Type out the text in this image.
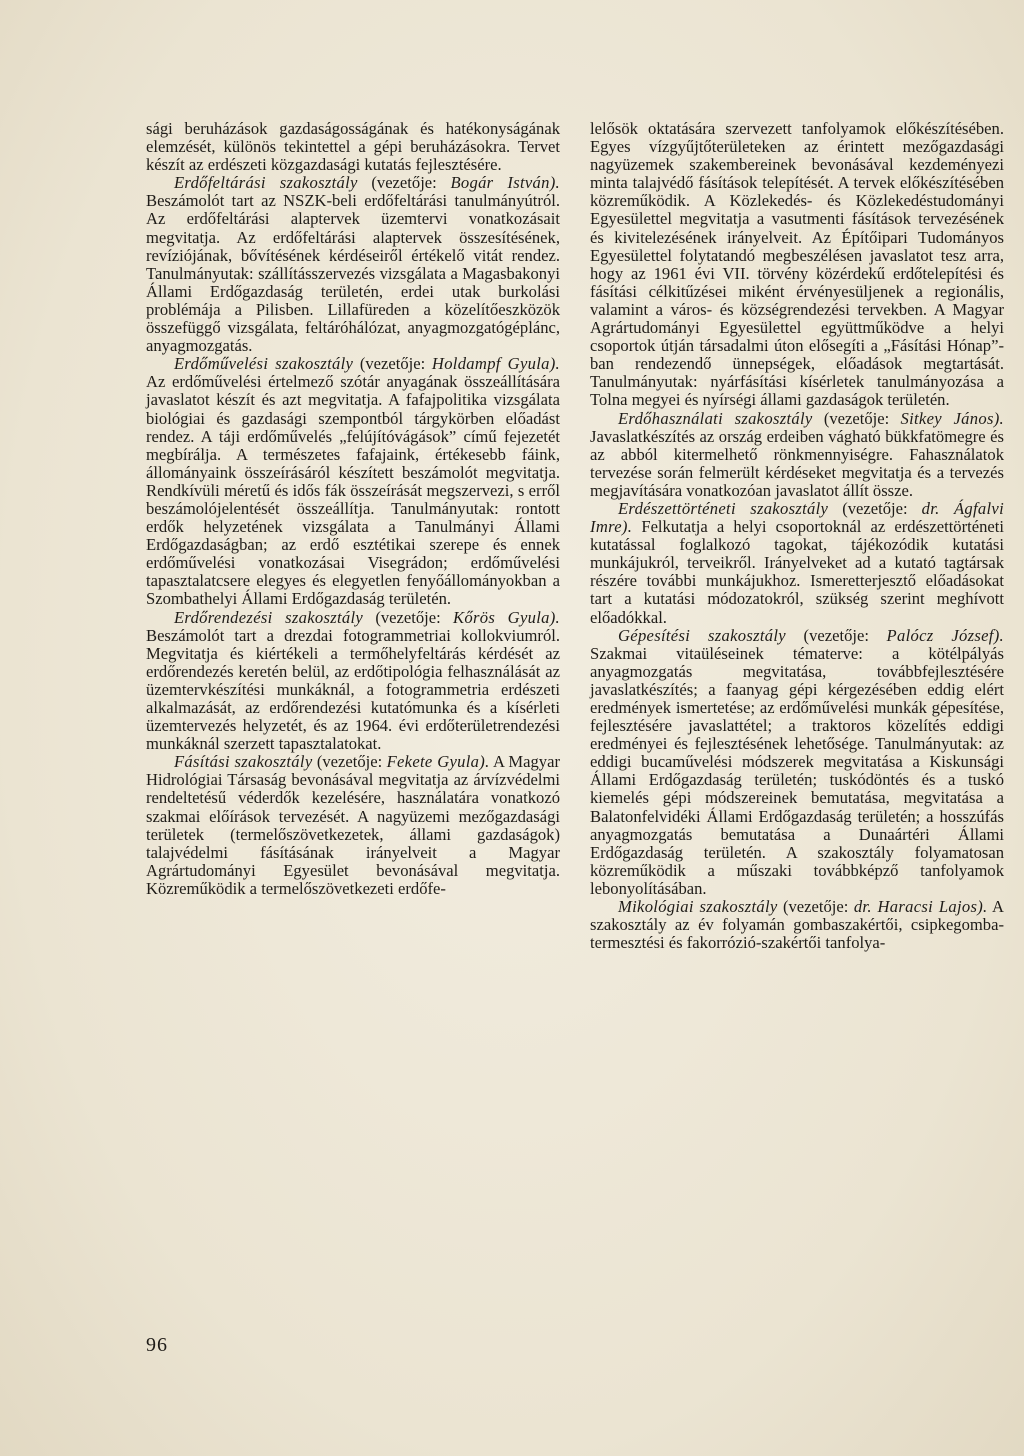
sági beruházások gazdaságosságának és hatékonyságának elemzését, különös tekintettel a gépi beruházásokra. Tervet készít az erdészeti közgazdasági kutatás fejlesztésére.

Erdőfeltárási szakosztály (vezetője: Bogár István). Beszámolót tart az NSZK-beli erdőfeltárási tanulmányútról. Az erdőfeltárási alaptervek üzemtervi vonatkozásait megvitatja. Az erdőfeltárási alaptervek összesítésének, revíziójának, bővítésének kérdéseiről értékelő vitát rendez. Tanulmányutak: szállításszervezés vizsgálata a Magasbakonyi Állami Erdőgazdaság területén, erdei utak burkolási problémája a Pilisben. Lillafüreden a közelítőeszközök összefüggő vizsgálata, feltáróhálózat, anyagmozgatógéplánc, anyagmozgatás.

Erdőművelési szakosztály (vezetője: Holdampf Gyula). Az erdőművelési értelmező szótár anyagának összeállítására javaslatot készít és azt megvitatja. A fafajpolitika vizsgálata biológiai és gazdasági szempontból tárgykörben előadást rendez. A táji erdőművelés „felújítóvágások” című fejezetét megbírálja. A természetes fafajaink, értékesebb fáink, állományaink összeírásáról készített beszámolót megvitatja. Rendkívüli méretű és idős fák összeírását megszervezi, s erről beszámolójelentését összeállítja. Tanulmányutak: rontott erdők helyzetének vizsgálata a Tanulmányi Állami Erdőgazdaságban; az erdő esztétikai szerepe és ennek erdőművelési vonatkozásai Visegrádon; erdőművelési tapasztalatcsere elegyes és elegyetlen fenyőállományokban a Szombathelyi Állami Erdőgazdaság területén.

Erdőrendezési szakosztály (vezetője: Kőrös Gyula). Beszámolót tart a drezdai fotogrammetriai kollokviumról. Megvitatja és kiértékeli a termőhelyfeltárás kérdését az erdőrendezés keretén belül, az erdőtipológia felhasználását az üzemtervkészítési munkáknál, a fotogrammetria erdészeti alkalmazását, az erdőrendezési kutatómunka és a kísérleti üzemtervezés helyzetét, és az 1964. évi erdőterületrendezési munkáknál szerzett tapasztalatokat.

Fásítási szakosztály (vezetője: Fekete Gyula). A Magyar Hidrológiai Társaság bevonásával megvitatja az árvízvédelmi rendeltetésű véderdők kezelésére, használatára vonatkozó szakmai előírások tervezését. A nagyüzemi mezőgazdasági területek (termelőszövetkezetek, állami gazdaságok) talajvédelmi fásításának irányelveit a Magyar Agrártudományi Egyesület bevonásával megvitatja. Közreműködik a termelőszövetkezeti erdőfe-

lelősök oktatására szervezett tanfolyamok előkészítésében. Egyes vízgyűjtőterületeken az érintett mezőgazdasági nagyüzemek szakembereinek bevonásával kezdeményezi minta talajvédő fásítások telepítését. A tervek előkészítésében közreműködik. A Közlekedés- és Közlekedéstudományi Egyesülettel megvitatja a vasutmenti fásítások tervezésének és kivitelezésének irányelveit. Az Építőipari Tudományos Egyesülettel folytatandó megbeszélésen javaslatot tesz arra, hogy az 1961 évi VII. törvény közérdekű erdőtelepítési és fásítási célkitűzései miként érvényesüljenek a regionális, valamint a város- és községrendezési tervekben. A Magyar Agrártudományi Egyesülettel együttműködve a helyi csoportok útján társadalmi úton elősegíti a „Fásítási Hónap”-ban rendezendő ünnepségek, előadások megtartását. Tanulmányutak: nyárfásítási kísérletek tanulmányozása a Tolna megyei és nyírségi állami gazdaságok területén.

Erdőhasználati szakosztály (vezetője: Sitkey János). Javaslatkészítés az ország erdeiben vágható bükkfatömegre és az abból kitermelhető rönkmennyiségre. Fahasználatok tervezése során felmerült kérdéseket megvitatja és a tervezés megjavítására vonatkozóan javaslatot állít össze.

Erdészettörténeti szakosztály (vezetője: dr. Ágfalvi Imre). Felkutatja a helyi csoportoknál az erdészettörténeti kutatással foglalkozó tagokat, tájékozódik kutatási munkájukról, terveikről. Irányelveket ad a kutató tagtársak részére további munkájukhoz. Ismeretterjesztő előadásokat tart a kutatási módozatokról, szükség szerint meghívott előadókkal.

Gépesítési szakosztály (vezetője: Palócz József). Szakmai vitaüléseinek tématerve: a kötélpályás anyagmozgatás megvitatása, továbbfejlesztésére javaslatkészítés; a faanyag gépi kérgezésében eddig elért eredmények ismertetése; az erdőművelési munkák gépesítése, fejlesztésére javaslattétel; a traktoros közelítés eddigi eredményei és fejlesztésének lehetősége. Tanulmányutak: az eddigi bucaművelési módszerek megvitatása a Kiskunsági Állami Erdőgazdaság területén; tuskódöntés és a tuskó kiemelés gépi módszereinek bemutatása, megvitatása a Balatonfelvidéki Állami Erdőgazdaság területén; a hosszúfás anyagmozgatás bemutatása a Dunaártéri Állami Erdőgazdaság területén. A szakosztály folyamatosan közreműködik a műszaki továbbképző tanfolyamok lebonyolításában.

Mikológiai szakosztály (vezetője: dr. Haracsi Lajos). A szakosztály az év folyamán gombaszakértői, csipkegomba-termesztési és fakorrózió-szakértői tanfolya-

96
